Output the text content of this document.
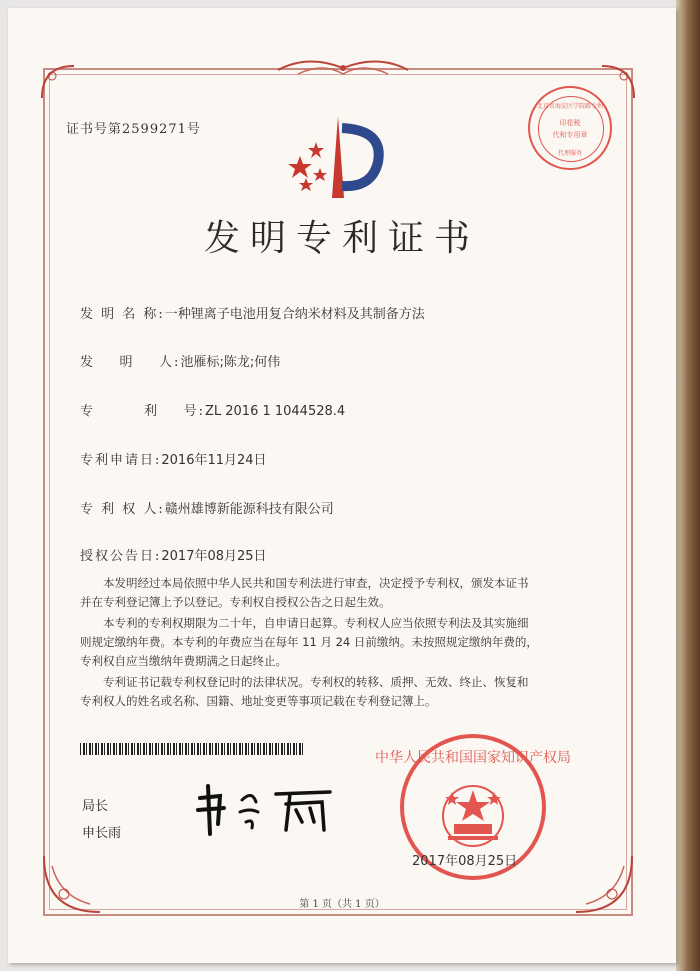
证书号第2599271号
北京市海淀区学院路专利
印花税
代和专用章
代理服务
发明专利证书
发 明 名 称:一种锂离子电池用复合纳米材料及其制备方法
发    明    人:池雁标;陈龙;何伟
专        利    号:ZL 2016 1 1044528.4
专利申请日:2016年11月24日
专 利 权 人:赣州雄博新能源科技有限公司
授权公告日:2017年08月25日

本发明经过本局依照中华人民共和国专利法进行审查，决定授予专利权，颁发本证书

并在专利登记簿上予以登记。专利权自授权公告之日起生效。

本专利的专利权期限为二十年，自申请日起算。专利权人应当依照专利法及其实施细

则规定缴纳年费。本专利的年费应当在每年 11 月 24 日前缴纳。未按照规定缴纳年费的，
专利权自应当缴纳年费期满之日起终止。

专利证书记载专利权登记时的法律状况。专利权的转移、质押、无效、终止、恢复和

专利权人的姓名或名称、国籍、地址变更等事项记载在专利登记簿上。
局长
申长雨
中华人民共和国国家知识产权局
2017年08月25日
第 1 页（共 1 页）
